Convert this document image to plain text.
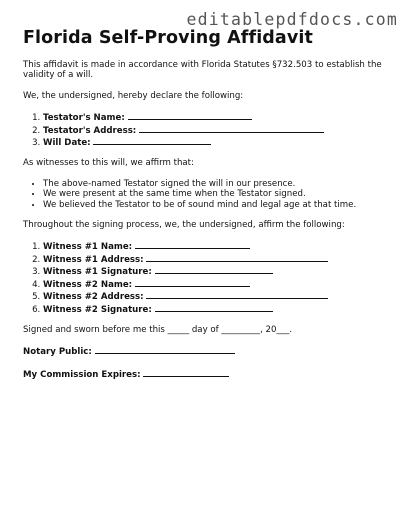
editablepdfdocs.com
Florida Self-Proving Affidavit

This affidavit is made in accordance with Florida Statutes §732.503 to establish the validity of a will.

We, the undersigned, hereby declare the following:

1. Testator's Name:
2. Testator's Address:
3. Will Date:

As witnesses to this will, we affirm that:

• The above-named Testator signed the will in our presence.
• We were present at the same time when the Testator signed.
• We believed the Testator to be of sound mind and legal age at that time.

Throughout the signing process, we, the undersigned, affirm the following:

1. Witness #1 Name:
2. Witness #1 Address:
3. Witness #1 Signature:
4. Witness #2 Name:
5. Witness #2 Address:
6. Witness #2 Signature:

Signed and sworn before me this _____ day of _________, 20___.

Notary Public:

My Commission Expires:
